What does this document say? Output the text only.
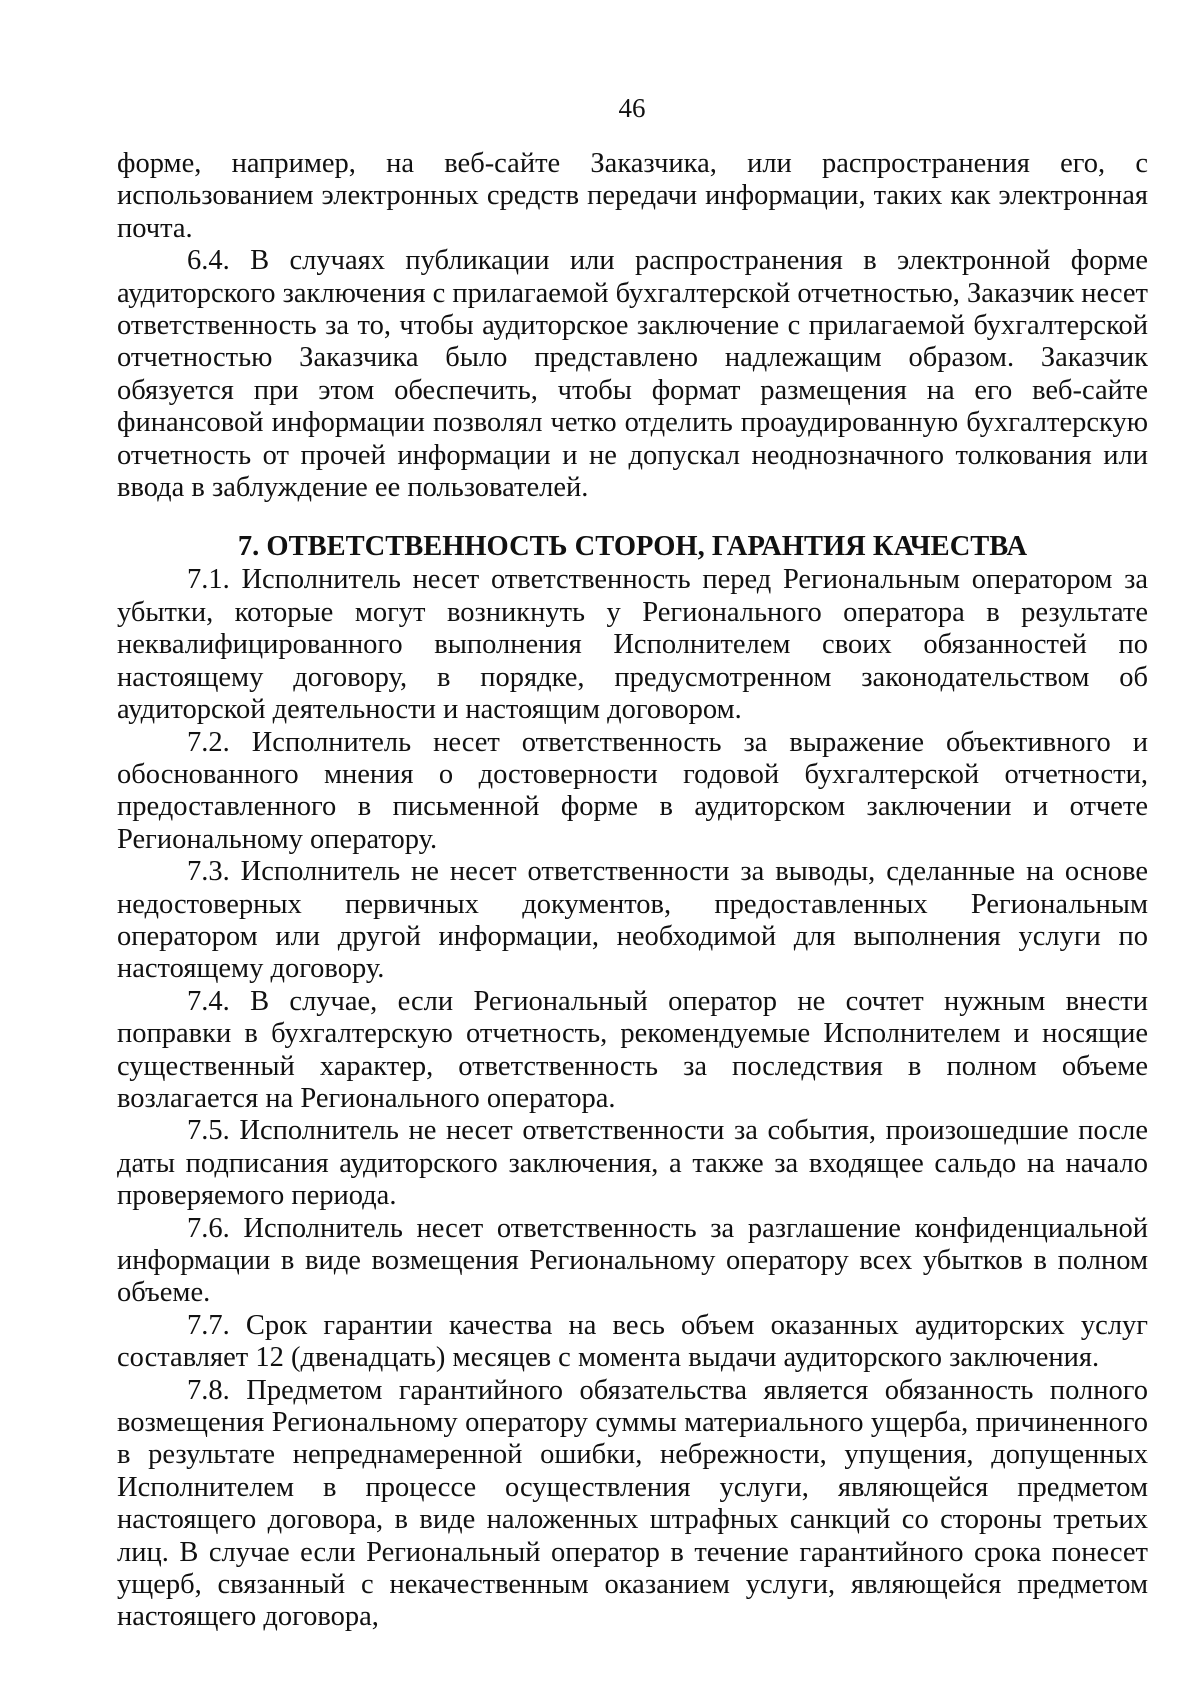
46

форме, например, на веб-сайте Заказчика, или распространения его, с использованием электронных средств передачи информации, таких как электронная почта.

6.4. В случаях публикации или распространения в электронной форме аудиторского заключения с прилагаемой бухгалтерской отчетностью, Заказчик несет ответственность за то, чтобы аудиторское заключение с прилагаемой бухгалтерской отчетностью Заказчика было представлено надлежащим образом. Заказчик обязуется при этом обеспечить, чтобы формат размещения на его веб-сайте финансовой информации позволял четко отделить проаудированную бухгалтерскую отчетность от прочей информации и не допускал неоднозначного толкования или ввода в заблуждение ее пользователей.

7. ОТВЕТСТВЕННОСТЬ СТОРОН, ГАРАНТИЯ КАЧЕСТВА

7.1. Исполнитель несет ответственность перед Региональным оператором за убытки, которые могут возникнуть у Регионального оператора в результате неквалифицированного выполнения Исполнителем своих обязанностей по настоящему договору, в порядке, предусмотренном законодательством об аудиторской деятельности и настоящим договором.

7.2. Исполнитель несет ответственность за выражение объективного и обоснованного мнения о достоверности годовой бухгалтерской отчетности, предоставленного в письменной форме в аудиторском заключении и отчете Региональному оператору.

7.3. Исполнитель не несет ответственности за выводы, сделанные на основе недостоверных первичных документов, предоставленных Региональным оператором или другой информации, необходимой для выполнения услуги по настоящему договору.

7.4. В случае, если Региональный оператор не сочтет нужным внести поправки в бухгалтерскую отчетность, рекомендуемые Исполнителем и носящие существенный характер, ответственность за последствия в полном объеме возлагается на Регионального оператора.

7.5. Исполнитель не несет ответственности за события, произошедшие после даты подписания аудиторского заключения, а также за входящее сальдо на начало проверяемого периода.

7.6. Исполнитель несет ответственность за разглашение конфиденциальной информации в виде возмещения Региональному оператору всех убытков в полном объеме.

7.7. Срок гарантии качества на весь объем оказанных аудиторских услуг составляет 12 (двенадцать) месяцев с момента выдачи аудиторского заключения.

7.8. Предметом гарантийного обязательства является обязанность полного возмещения Региональному оператору суммы материального ущерба, причиненного в результате непреднамеренной ошибки, небрежности, упущения, допущенных Исполнителем в процессе осуществления услуги, являющейся предметом настоящего договора, в виде наложенных штрафных санкций со стороны третьих лиц. В случае если Региональный оператор в течение гарантийного срока понесет ущерб, связанный с некачественным оказанием услуги, являющейся предметом настоящего договора,
